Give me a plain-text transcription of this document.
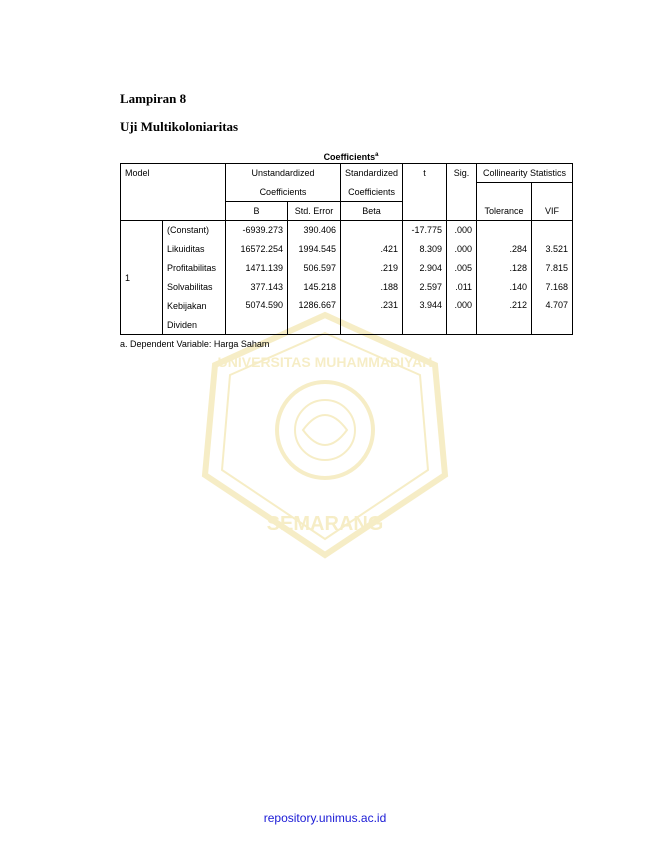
SEMARANG
UNIVERSITAS MUHAMMADIYAH

Lampiran 8

Uji Multikoloniaritas

Coefficients$^a$
Model		Unstandardized		Standardized	t	Sig.	Collinearity Statistics	
		Coefficients		Coefficients				
		B	Std. Error	Beta			Tolerance	VIF
1	(Constant)	-6939.273	390.406		-17.775	.000		
	Likuiditas	16572.254	1994.545	.421	8.309	.000	.284	3.521
	Profitabilitas	1471.139	506.597	.219	2.904	.005	.128	7.815
	Solvabilitas	377.143	145.218	.188	2.597	.011	.140	7.168
	Kebijakan	5074.590	1286.667	.231	3.944	.000	.212	4.707
	Dividen							
a. Dependent Variable: Harga Saham
repository.unimus.ac.id
